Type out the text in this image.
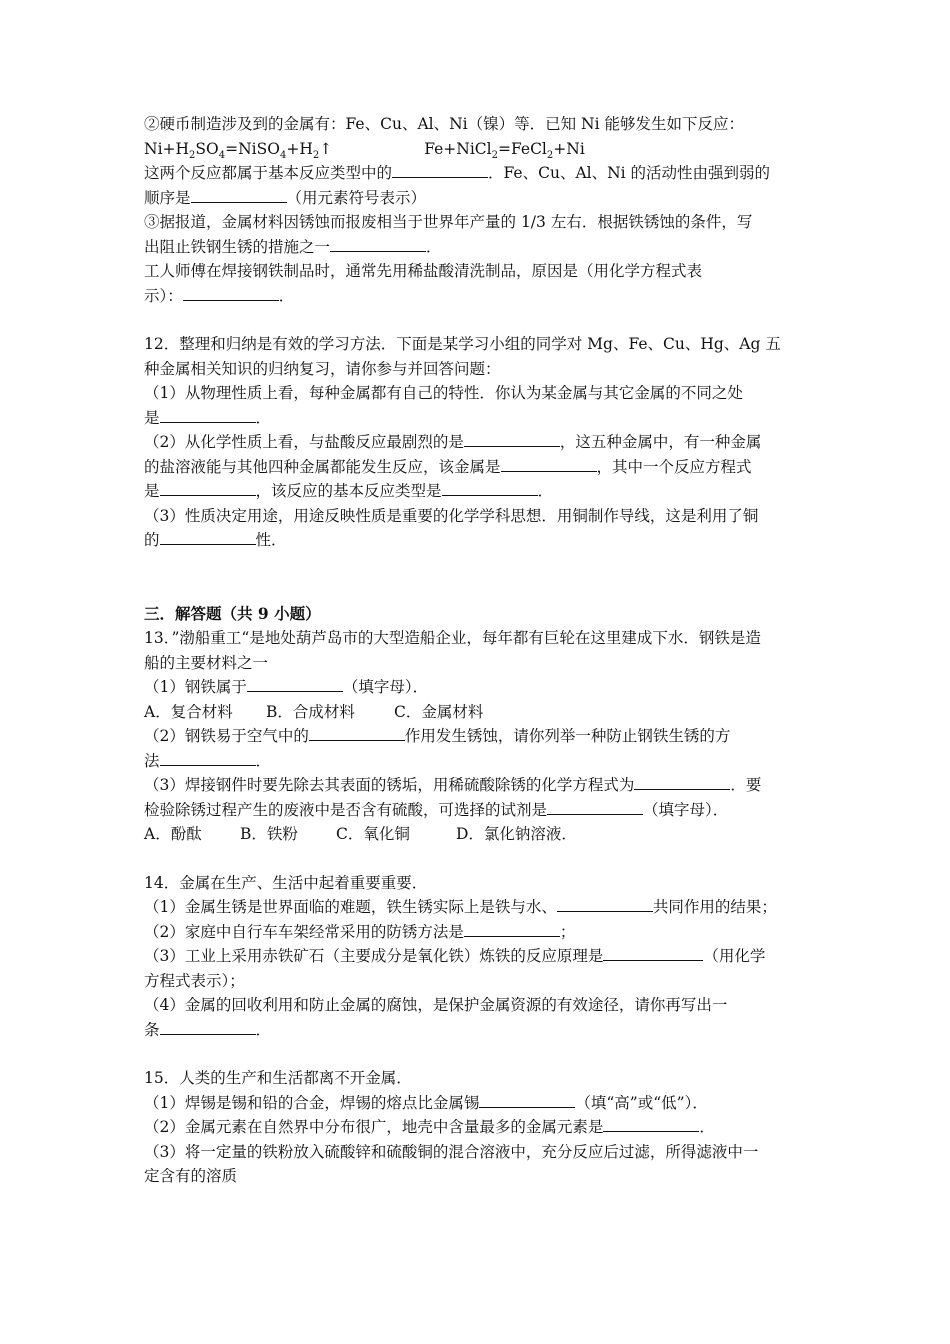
②硬币制造涉及到的金属有：Fe、Cu、Al、Ni（镍）等．已知 Ni 能够发生如下反应：
$Ni+H_2SO_4=NiSO_4+H_2↑$	Fe+NiCl$_2$=FeCl$_2$+Ni
这两个反应都属于基本反应类型中的	．Fe、Cu、Al、Ni 的活动性由强到弱的
顺序是	（用元素符号表示）
③据报道，金属材料因锈蚀而报废相当于世界年产量的 1/3 左右．根据铁锈蚀的条件，写
出阻止铁钢生锈的措施之一	．
工人师傅在焊接钢铁制品时，通常先用稀盐酸清洗制品，原因是（用化学方程式表
示）：	．
12．整理和归纳是有效的学习方法．下面是某学习小组的同学对 Mg、Fe、Cu、Hg、Ag 五
种金属相关知识的归纳复习，请你参与并回答问题：
（1）从物理性质上看，每种金属都有自己的特性．你认为某金属与其它金属的不同之处
是	．
（2）从化学性质上看，与盐酸反应最剧烈的是	，这五种金属中，有一种金属
的盐溶液能与其他四种金属都能发生反应，该金属是	，其中一个反应方程式
是	，该反应的基本反应类型是	．
（3）性质决定用途，用途反映性质是重要的化学学科思想．用铜制作导线，这是利用了铜
的	性．
三．解答题（共 9 小题）
13．”渤船重工“是地处葫芦岛市的大型造船企业，每年都有巨轮在这里建成下水．钢铁是造
船的主要材料之一
（1）钢铁属于	（填字母）．
A．复合材料 B．合成材料	C．金属材料
（2）钢铁易于空气中的	作用发生锈蚀，请你列举一种防止钢铁生锈的方
法	．
（3）焊接钢件时要先除去其表面的锈垢，用稀硫酸除锈的化学方程式为	．要
检验除锈过程产生的废液中是否含有硫酸，可选择的试剂是	（填字母）．
A．酚酞 B．铁粉 C．氧化铜	D．氯化钠溶液．
14．金属在生产、生活中起着重要重要．
（1）金属生锈是世界面临的难题，铁生锈实际上是铁与水、	共同作用的结果；
（2）家庭中自行车车架经常采用的防锈方法是	；
（3）工业上采用赤铁矿石（主要成分是氧化铁）炼铁的反应原理是	（用化学
方程式表示）；
（4）金属的回收利用和防止金属的腐蚀，是保护金属资源的有效途径，请你再写出一
条	．
15．人类的生产和生活都离不开金属．
（1）焊锡是锡和铅的合金，焊锡的熔点比金属锡	（填“高”或“低”）．
（2）金属元素在自然界中分布很广，地壳中含量最多的金属元素是	．
（3）将一定量的铁粉放入硫酸锌和硫酸铜的混合溶液中，充分反应后过滤，所得滤液中一
定含有的溶质
